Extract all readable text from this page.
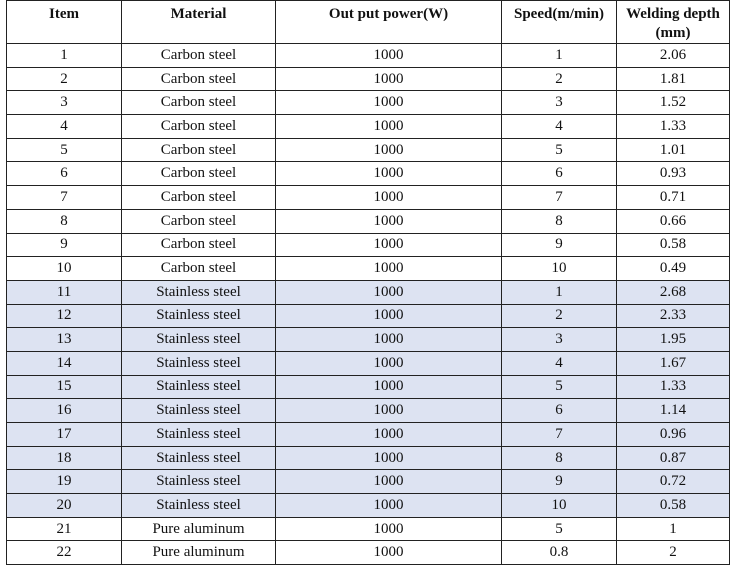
Item	Material	Out put power(W)	Speed(m/min)	Welding depth (mm)
1	Carbon steel	1000	1	2.06
2	Carbon steel	1000	2	1.81
3	Carbon steel	1000	3	1.52
4	Carbon steel	1000	4	1.33
5	Carbon steel	1000	5	1.01
6	Carbon steel	1000	6	0.93
7	Carbon steel	1000	7	0.71
8	Carbon steel	1000	8	0.66
9	Carbon steel	1000	9	0.58
10	Carbon steel	1000	10	0.49
11	Stainless steel	1000	1	2.68
12	Stainless steel	1000	2	2.33
13	Stainless steel	1000	3	1.95
14	Stainless steel	1000	4	1.67
15	Stainless steel	1000	5	1.33
16	Stainless steel	1000	6	1.14
17	Stainless steel	1000	7	0.96
18	Stainless steel	1000	8	0.87
19	Stainless steel	1000	9	0.72
20	Stainless steel	1000	10	0.58
21	Pure aluminum	1000	5	1
22	Pure aluminum	1000	0.8	2
